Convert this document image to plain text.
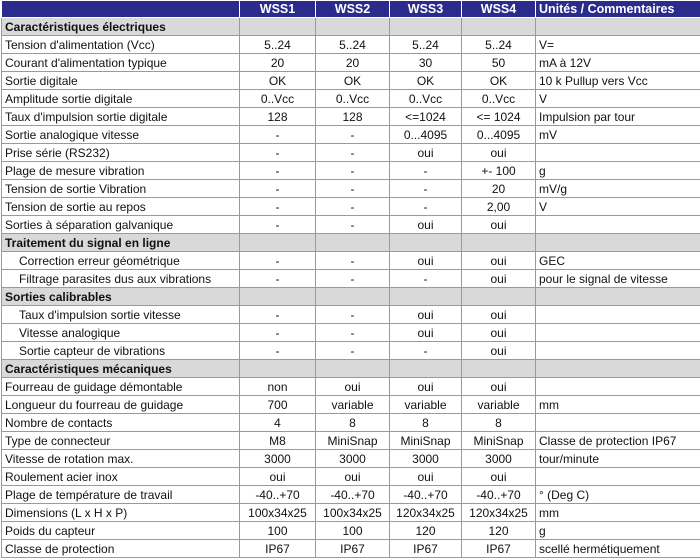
	WSS1	WSS2	WSS3	WSS4	Unités / Commentaires
Caractéristiques électriques					
Tension d'alimentation (Vcc)	5..24	5..24	5..24	5..24	V=
Courant d'alimentation typique	20	20	30	50	mA à 12V
Sortie digitale	OK	OK	OK	OK	10 k Pullup vers Vcc
Amplitude sortie digitale	0..Vcc	0..Vcc	0..Vcc	0..Vcc	V
Taux d'impulsion sortie digitale	128	128	<=1024	<= 1024	Impulsion par tour
Sortie analogique vitesse	-	-	0...4095	0...4095	mV
Prise série (RS232)	-	-	oui	oui	
Plage de mesure vibration	-	-	-	+- 100	g
Tension de sortie Vibration	-	-	-	20	mV/g
Tension de sortie au repos	-	-	-	2,00	V
Sorties à séparation galvanique	-	-	oui	oui	
Traitement du signal en ligne					
Correction erreur géométrique	-	-	oui	oui	GEC
Filtrage parasites dus aux vibrations	-	-	-	oui	pour le signal de vitesse
Sorties calibrables					
Taux d'impulsion sortie vitesse	-	-	oui	oui	
Vitesse analogique	-	-	oui	oui	
Sortie capteur de vibrations	-	-	-	oui	
Caractéristiques mécaniques					
Fourreau de guidage démontable	non	oui	oui	oui	
Longueur du fourreau de guidage	700	variable	variable	variable	mm
Nombre de contacts	4	8	8	8	
Type de connecteur	M8	MiniSnap	MiniSnap	MiniSnap	Classe de protection IP67
Vitesse de rotation max.	3000	3000	3000	3000	tour/minute
Roulement acier inox	oui	oui	oui	oui	
Plage de température de travail	-40..+70	-40..+70	-40..+70	-40..+70	° (Deg C)
Dimensions (L x H x P)	100x34x25	100x34x25	120x34x25	120x34x25	mm
Poids du capteur	100	100	120	120	g
Classe de protection	IP67	IP67	IP67	IP67	scellé hermétiquement
